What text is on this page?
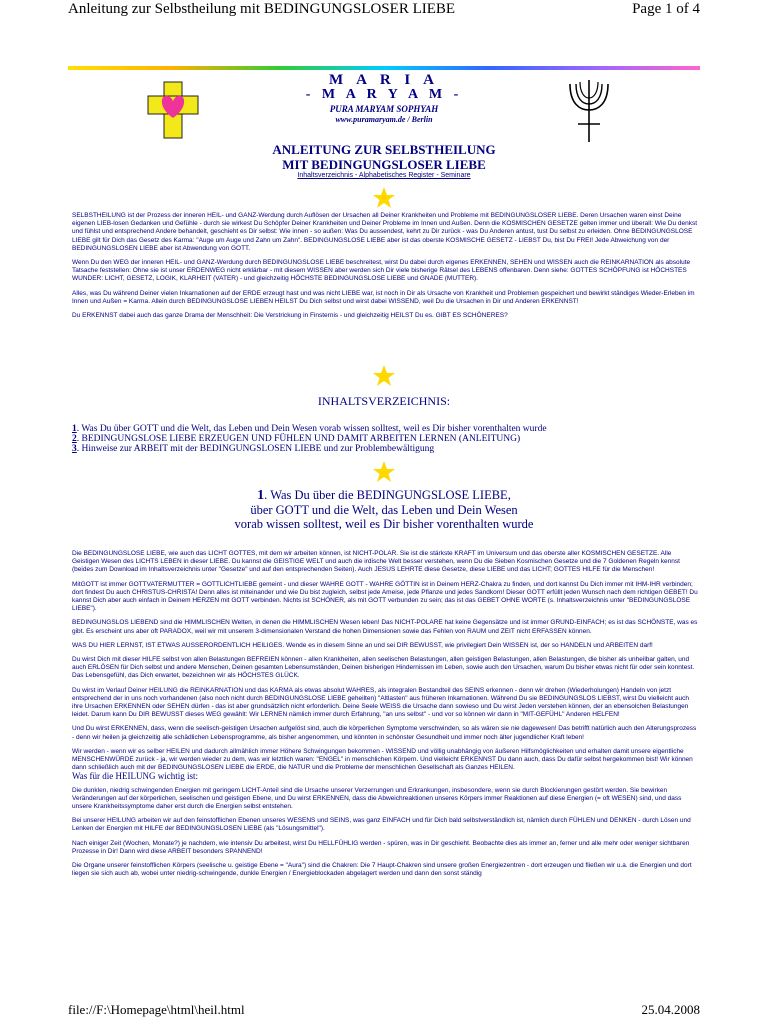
Anleitung zur Selbstheilung mit BEDINGUNGSLOSER LIEBE	Page 1 of 4
M A R I A
- M A R Y A M -
PURA MARYAM SOPHYAH
www.puramaryam.de / Berlin
ANLEITUNG ZUR SELBSTHEILUNG
MIT BEDINGUNGSLOSER LIEBE
Inhaltsverzeichnis - Alphabetisches Register - Seminare

SELBSTHEILUNG ist der Prozess der inneren HEIL- und GANZ-Werdung durch Auflösen der Ursachen all Deiner Krankheiten und Probleme mit BEDINGUNGSLOSER LIEBE. Deren Ursachen waren einst Deine eigenen LIEB-losen Gedanken und Gefühle - durch sie wirkest Du Schöpfer Deiner Krankheiten und Deiner Probleme im Innen und Außen. Denn die KOSMISCHEN GESETZE gelten immer und überall: Wie Du denkst und fühlst und entsprechend Andere behandelt, geschieht es Dir selbst: Wie innen - so außen: Was Du aussendest, kehrt zu Dir zurück - was Du Anderen antust, tust Du selbst zu erleiden. Ohne BEDINGUNGSLOSE LIEBE gilt für Dich das Gesetz des Karma: "Auge um Auge und Zahn um Zahn". BEDINGUNGSLOSE LIEBE aber ist das oberste KOSMISCHE GESETZ - LIEBST Du, bist Du FREI! Jede Abweichung von der BEDINGUNGSLOSEN LIEBE aber ist Abwendung von GOTT.

Wenn Du den WEG der inneren HEIL- und GANZ-Werdung durch BEDINGUNGSLOSE LIEBE beschreitest, wirst Du dabei durch eigenes ERKENNEN, SEHEN und WISSEN auch die REINKARNATION als absolute Tatsache feststellen: Ohne sie ist unser ERDENWEG nicht erklärbar - mit diesem WISSEN aber werden sich Dir viele bisherige Rätsel des LEBENS offenbaren. Denn siehe: GOTTES SCHÖPFUNG ist HÖCHSTES WUNDER: LICHT, GESETZ, LOGIK, KLARHEIT (VATER) - und gleichzeitig HÖCHSTE BEDINGUNGSLOSE LIEBE und GNADE (MUTTER).

Alles, was Du während Deiner vielen Inkarnationen auf der ERDE erzeugt hast und was nicht LIEBE war, ist noch in Dir als Ursache von Krankheit und Problemen gespeichert und bewirkt ständiges Wieder-Erleben im Innen und Außen = Karma. Allein durch BEDINGUNGSLOSE LIEBEN HEILST Du Dich selbst und wirst dabei WISSEND, weil Du die Ursachen in Dir und Anderen ERKENNST!

Du ERKENNST dabei auch das ganze Drama der Menschheit: Die Verstrickung in Finsternis - und gleichzeitig HEILST Du es. GIBT ES SCHÖNERES?

INHALTSVERZEICHNIS:
1. Was Du über GOTT und die Welt, das Leben und Dein Wesen vorab wissen solltest, weil es Dir bisher vorenthalten wurde
2. BEDINGUNGSLOSE LIEBE ERZEUGEN UND FÜHLEN UND DAMIT ARBEITEN LERNEN (ANLEITUNG)
3. Hinweise zur ARBEIT mit der BEDINGUNGSLOSEN LIEBE und zur Problembewältigung
1. Was Du über die BEDINGUNGSLOSE LIEBE,
über GOTT und die Welt, das Leben und Dein Wesen
vorab wissen solltest, weil es Dir bisher vorenthalten wurde

Die BEDINGUNGSLOSE LIEBE, wie auch das LICHT GOTTES, mit dem wir arbeiten können, ist NICHT-POLAR. Sie ist die stärkste KRAFT im Universum und das oberste aller KOSMISCHEN GESETZE. Alle Geistigen Wesen des LICHTS LEBEN in dieser LIEBE. Du kannst die GEISTIGE WELT und auch die irdische Welt besser verstehen, wenn Du die Sieben Kosmischen Gesetze und die 7 Goldenen Regeln kennst (beides zum Download im Inhaltsverzeichnis unter "Gesetze" und auf den entsprechenden Seiten). Auch JESUS LEHRTE diese Gesetze, diese LIEBE und das LICHT; GOTTES HILFE für die Menschen!

MitGOTT ist immer GOTTVATERMUTTER = GOTTLICHTLIEBE gemeint - und dieser WAHRE GOTT - WAHRE GÖTTIN ist in Deinem HERZ-Chakra zu finden, und dort kannst Du Dich immer mit IHM-IHR verbinden; dort findest Du auch CHRISTUS-CHRISTA! Denn alles ist miteinander und wie Du bist zugleich, selbst jede Ameise, jede Pflanze und jedes Sandkorn! Dieser GOTT erfüllt jeden Wunsch nach dem richtigen GEBET! Du kannst Dich aber auch einfach in Deinem HERZEN mit GOTT verbinden. Nichts ist SCHÖNER, als mit GOTT verbunden zu sein; das ist das GEBET OHNE WORTE (s. Inhaltsverzeichnis unter "BEDINGUNGSLOSE LIEBE").

BEDINGUNGSLOS LIEBEND sind die HIMMLISCHEN Welten, in denen die HIMMLISCHEN Wesen leben! Das NICHT-POLARE hat keine Gegensätze und ist immer GRUND-EINFACH; es ist das SCHÖNSTE, was es gibt. Es erscheint uns aber oft PARADOX, weil wir mit unserem 3-dimensionalen Verstand die hohen Dimensionen sowie das Fehlen von RAUM und ZEIT nicht ERFASSEN können.

WAS DU HIER LERNST, IST ETWAS AUSSERORDENTLICH HEILIGES. Wende es in diesem Sinne an und sei DIR BEWUSST, wie privilegiert Dein WISSEN ist, der so HANDELN und ARBEITEN darf!

Du wirst Dich mit dieser HILFE selbst von allen Belastungen BEFREIEN können - allen Krankheiten, allen seelischen Belastungen, allen geistigen Belastungen, allen Belastungen, die bisher als unheilbar galten, und auch ERLÖSEN für Dich selbst und andere Menschen, Deinen gesamten Lebensumständen, Deinen bisherigen Hindernissen im Leben, sowie auch den Ursachen, warum Du bisher etwas nicht für oder sein konntest. Das Lebensgefühl, das Dich erwartet, bezeichnen wir als HÖCHSTES GLÜCK.

Du wirst im Verlauf Deiner HEILUNG die REINKARNATION und das KARMA als etwas absolut WAHRES, als integralen Bestandteil des SEINS erkennen - denn wir drehen (Wiederholungen) Handeln von jetzt entsprechend der in uns noch vorhandenen (also noch nicht durch BEDINGUNGSLOSE LIEBE geheilten) "Altlasten" aus früheren Inkarnationen. Während Du sie BEDINGUNGSLOS LIEBST, wirst Du vielleicht auch ihre Ursachen ERKENNEN oder SEHEN dürfen - das ist aber grundsätzlich nicht erforderlich. Deine Seele WEISS die Ursache dann sowieso und Du wirst Jeden verstehen können, der an ebensolchen Belastungen leidet. Darum kann Du DIR BEWUSST dieses WEG gewählt: Wir LERNEN nämlich immer durch Erfahrung, "an uns selbst" - und vor so können wir dann in "MIT-GEFÜHL" Anderen HELFEN!

Und Du wirst ERKENNEN, dass, wenn die seelisch-geistigen Ursachen aufgelöst sind, auch die körperlichen Symptome verschwinden, so als wären sie nie dagewesen! Das betrifft natürlich auch den Alterungsprozess - denn wir heilen ja gleichzeitig alle schädlichen Lebensprogramme, als bisher angenommen, und könnten in schönster Gesundheit und immer noch älter jugendlicher Kraft leben!

Wir werden - wenn wir es selber HEILEN und dadurch allmählich immer Höhere Schwingungen bekommen - WISSEND und völlig unabhängig von äußeren Hilfsmöglichkeiten und erhalten damit unsere eigentliche MENSCHENWÜRDE zurück - ja, wir werden wieder zu dem, was wir letztlich waren: "ENGEL" in menschlichen Körpern. Und vielleicht ERKENNST Du dann auch, dass Du dafür selbst hergekommen bist! Wir können dann schließlich auch mit der BEDINGUNGSLOSEN LIEBE die ERDE, die NATUR und die Probleme der menschlichen Gesellschaft als Ganzes HEILEN.

Was für die HEILUNG wichtig ist:

Die dunklen, niedrig schwingenden Energien mit geringem LICHT-Anteil sind die Ursache unserer Verzerrungen und Erkrankungen, insbesondere, wenn sie durch Blockierungen gestört werden. Sie bewirken Veränderungen auf der körperlichen, seelischen und geistigen Ebene, und Du wirst ERKENNEN, dass die Abweichreaktionen unseres Körpers immer Reaktionen auf diese Energien (= oft WESEN) sind, und dass unsere Krankheitssymptome daher erst durch die Energien selbst entstehen.

Bei unserer HEILUNG arbeiten wir auf den feinstofflichen Ebenen unseres WESENS und SEINS, was ganz EINFACH und für Dich bald selbstverständlich ist, nämlich durch FÜHLEN und DENKEN - durch Lösen und Lenken der Energien mit HILFE der BEDINGUNGSLOSEN LIEBE (als "Lösungsmittel").

Nach einiger Zeit (Wochen, Monate?) je nachdem, wie intensiv Du arbeitest, wirst Du HELLFÜHLIG werden - spüren, was in Dir geschieht. Beobachte dies als immer an, ferner und alle mehr oder weniger sichtbaren Prozesse in Dir! Dann wird diese ARBEIT besonders SPANNEND!

Die Organe unserer feinstofflichen Körpers (seelische u. geistige Ebene = "Aura") sind die Chakren: Die 7 Haupt-Chakren sind unsere großen Energiezentren - dort erzeugen und fließen wir u.a. die Energien und dort liegen sie sich auch ab, wobei unter niedrig-schwingende, dunkle Energien / Energieblockaden abgelagert werden und dann den sonst ständig

file://F:\Homepage\html\heil.html	25.04.2008
